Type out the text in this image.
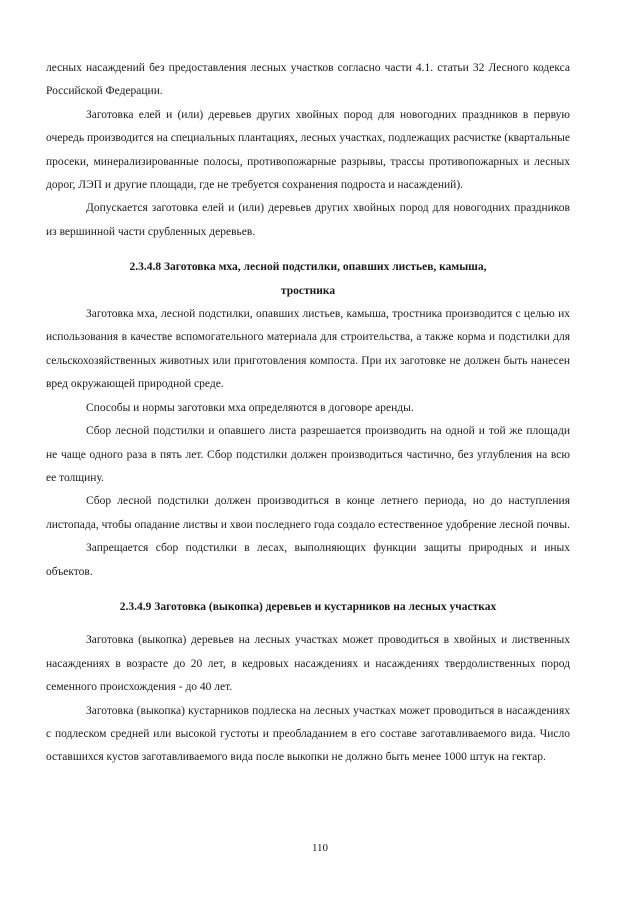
лесных насаждений без предоставления лесных участков согласно части 4.1. статьи 32 Лесного кодекса Российской Федерации.

Заготовка елей и (или) деревьев других хвойных пород для новогодних праздников в первую очередь производится на специальных плантациях, лесных участках, подлежащих расчистке (квартальные просеки, минерализированные полосы, противопожарные разрывы, трассы противопожарных и лесных дорог, ЛЭП и другие площади, где не требуется сохранения подроста и насаждений).

Допускается заготовка елей и (или) деревьев других хвойных пород для новогодних праздников из вершинной части срубленных деревьев.

2.3.4.8 Заготовка мха, лесной подстилки, опавших листьев, камыша,

тростника

Заготовка мха, лесной подстилки, опавших листьев, камыша, тростника производится с целью их использования в качестве вспомогательного материала для строительства, а также корма и подстилки для сельскохозяйственных животных или приготовления компоста. При их заготовке не должен быть нанесен вред окружающей природной среде.

Способы и нормы заготовки мха определяются в договоре аренды.

Сбор лесной подстилки и опавшего листа разрешается производить на одной и той же площади не чаще одного раза в пять лет. Сбор подстилки должен производиться частично, без углубления на всю ее толщину.

Сбор лесной подстилки должен производиться в конце летнего периода, но до наступления листопада, чтобы опадание листвы и хвои последнего года создало естественное удобрение лесной почвы.

Запрещается сбор подстилки в лесах, выполняющих функции защиты природных и иных объектов.

2.3.4.9 Заготовка (выкопка) деревьев и кустарников на лесных участках

Заготовка (выкопка) деревьев на лесных участках может проводиться в хвойных и лиственных насаждениях в возрасте до 20 лет, в кедровых насаждениях и насаждениях твердолиственных пород семенного происхождения - до 40 лет.

Заготовка (выкопка) кустарников подлеска на лесных участках может проводиться в насаждениях с подлеском средней или высокой густоты и преобладанием в его составе заготавливаемого вида. Число оставшихся кустов заготавливаемого вида после выкопки не должно быть менее 1000 штук на гектар.

110
